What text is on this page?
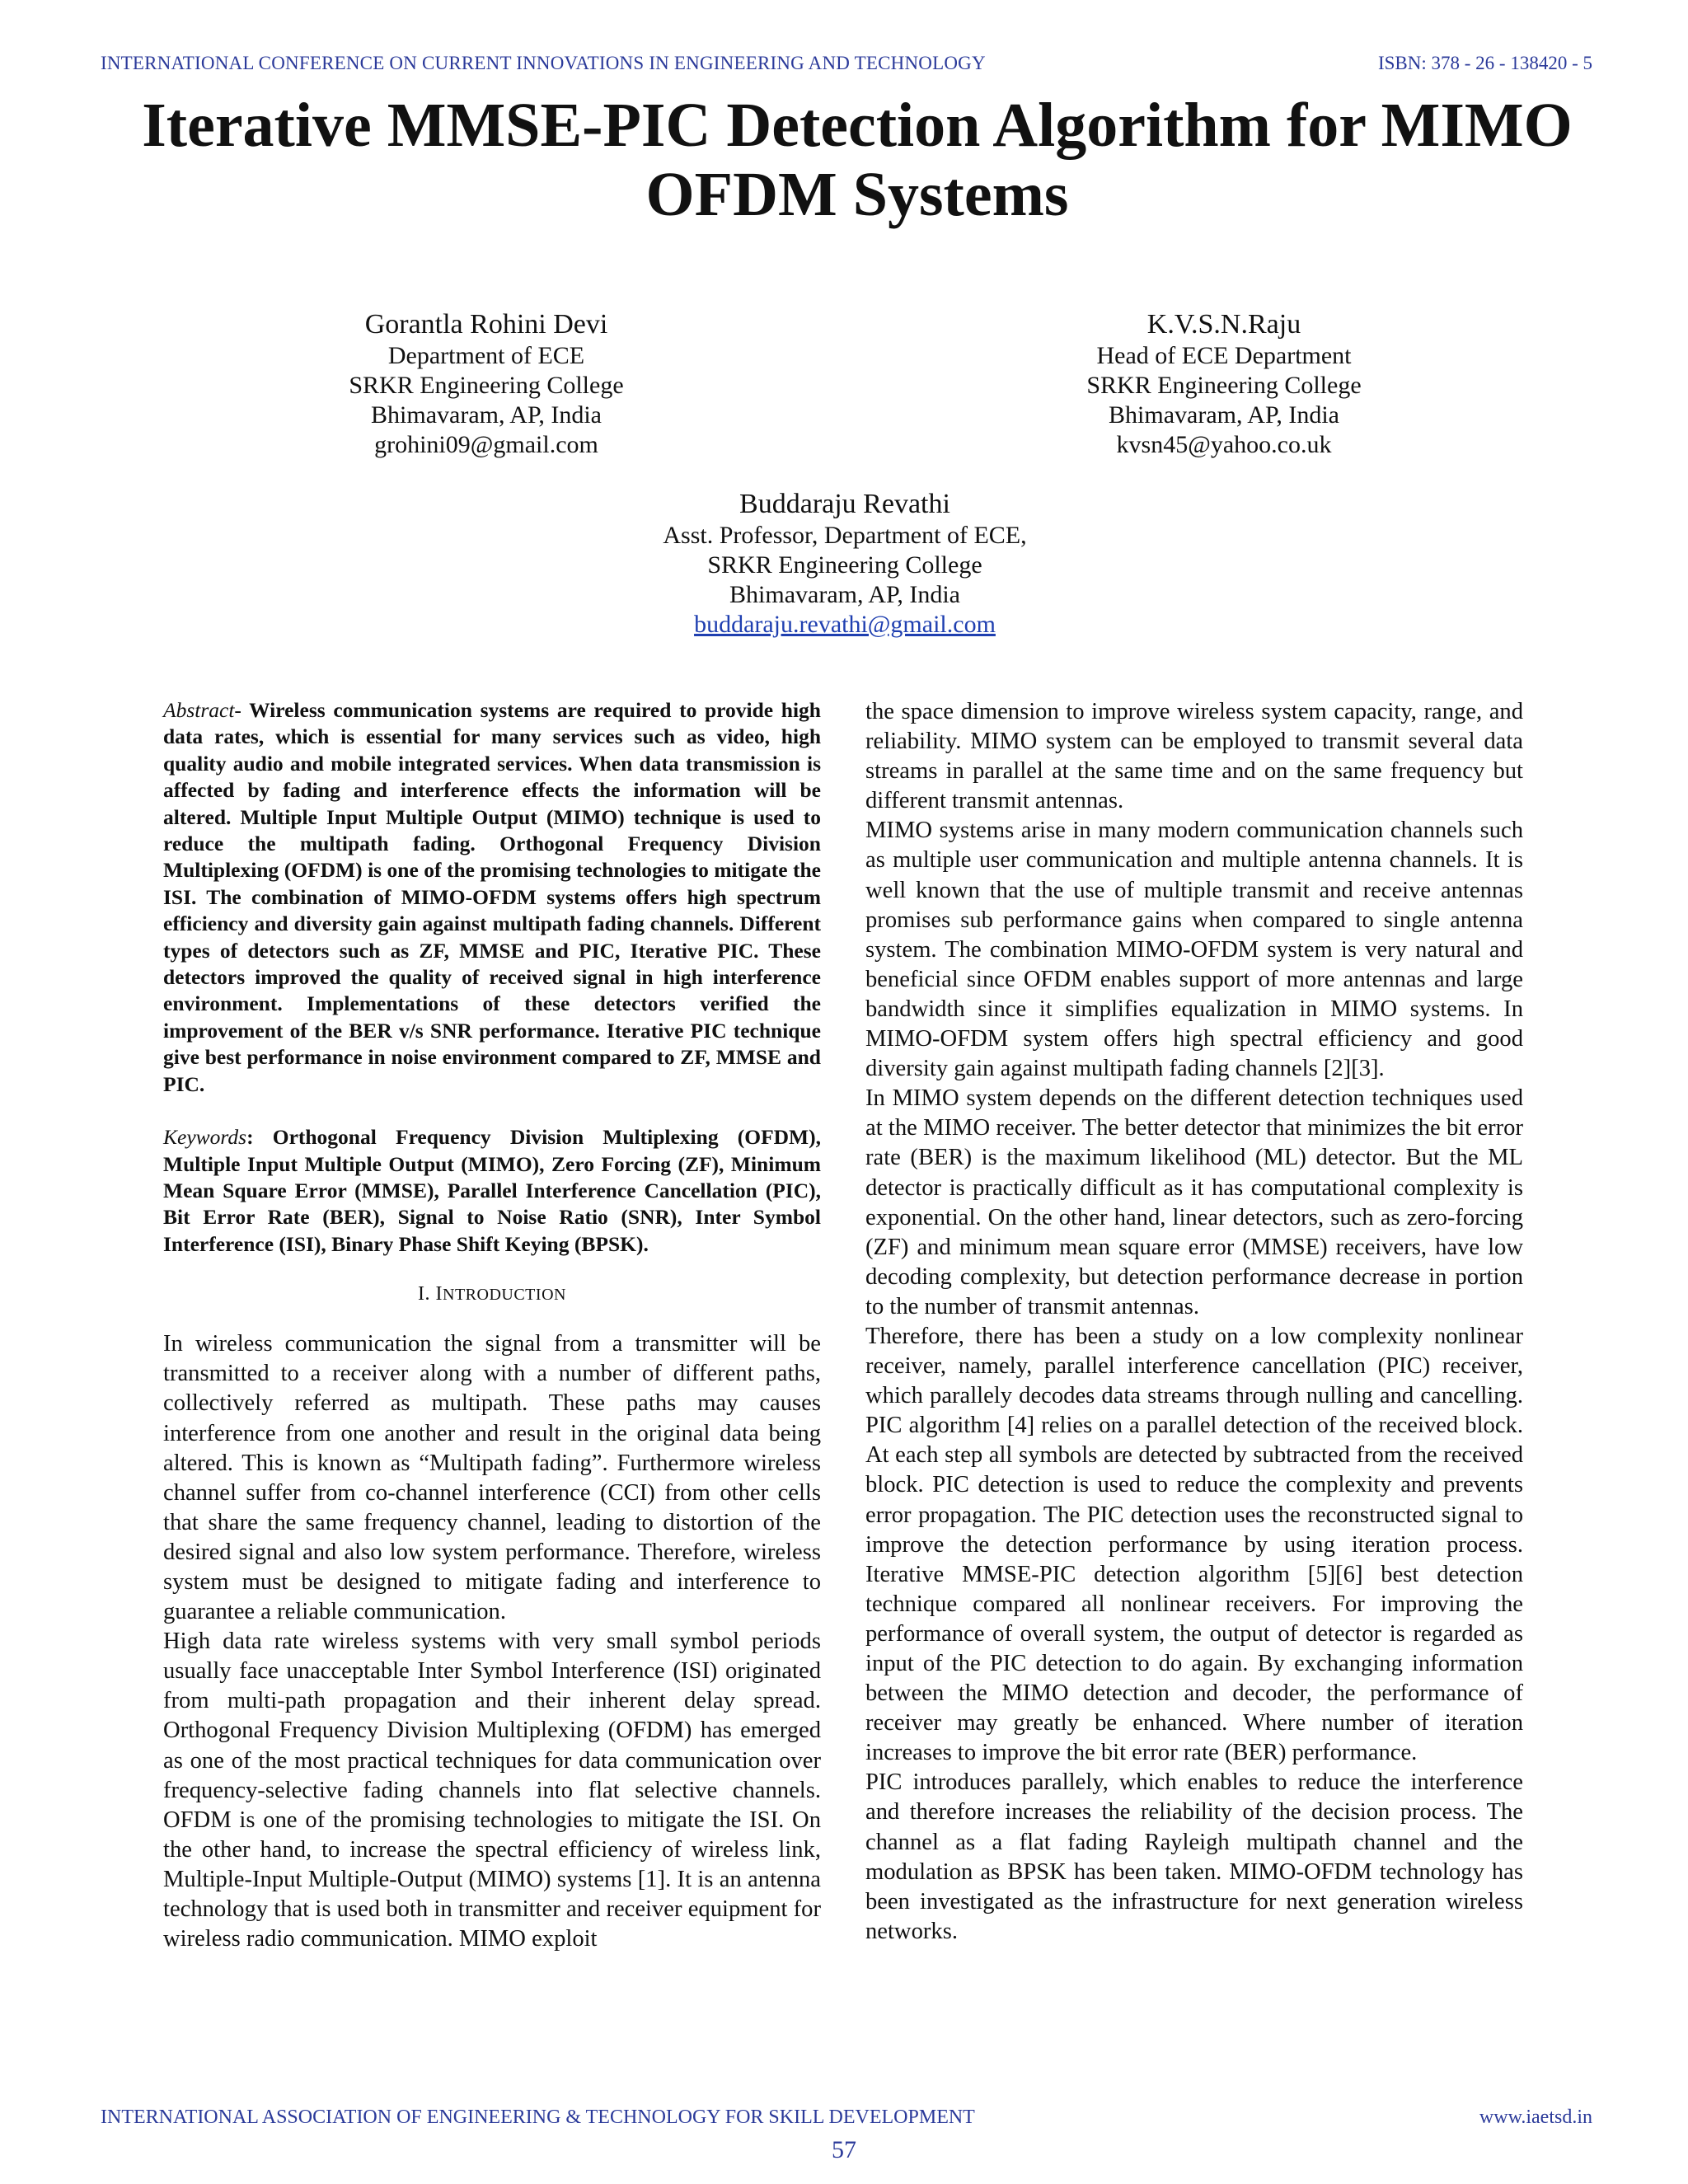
INTERNATIONAL CONFERENCE ON CURRENT INNOVATIONS IN ENGINEERING AND TECHNOLOGY	ISBN: 378 - 26 - 138420 - 5
Iterative MMSE-PIC Detection Algorithm for MIMO OFDM Systems
Gorantla Rohini Devi
Department of ECE
SRKR Engineering College
Bhimavaram, AP, India
grohini09@gmail.com
K.V.S.N.Raju
Head of ECE Department
SRKR Engineering College
Bhimavaram, AP, India
kvsn45@yahoo.co.uk
Buddaraju Revathi
Asst. Professor, Department of ECE,
SRKR Engineering College
Bhimavaram, AP, India
buddaraju.revathi@gmail.com

Abstract- Wireless communication systems are required to provide high data rates, which is essential for many services such as video, high quality audio and mobile integrated services. When data transmission is affected by fading and interference effects the information will be altered. Multiple Input Multiple Output (MIMO) technique is used to reduce the multipath fading. Orthogonal Frequency Division Multiplexing (OFDM) is one of the promising technologies to mitigate the ISI. The combination of MIMO-OFDM systems offers high spectrum efficiency and diversity gain against multipath fading channels. Different types of detectors such as ZF, MMSE and PIC, Iterative PIC. These detectors improved the quality of received signal in high interference environment. Implementations of these detectors verified the improvement of the BER v/s SNR performance. Iterative PIC technique give best performance in noise environment compared to ZF, MMSE and PIC.

Keywords: Orthogonal Frequency Division Multiplexing (OFDM), Multiple Input Multiple Output (MIMO), Zero Forcing (ZF), Minimum Mean Square Error (MMSE), Parallel Interference Cancellation (PIC), Bit Error Rate (BER), Signal to Noise Ratio (SNR), Inter Symbol Interference (ISI), Binary Phase Shift Keying (BPSK).

I. INTRODUCTION

In wireless communication the signal from a transmitter will be transmitted to a receiver along with a number of different paths, collectively referred as multipath. These paths may causes interference from one another and result in the original data being altered. This is known as “Multipath fading”. Furthermore wireless channel suffer from co-channel interference (CCI) from other cells that share the same frequency channel, leading to distortion of the desired signal and also low system performance. Therefore, wireless system must be designed to mitigate fading and interference to guarantee a reliable communication.

High data rate wireless systems with very small symbol periods usually face unacceptable Inter Symbol Interference (ISI) originated from multi-path propagation and their inherent delay spread. Orthogonal Frequency Division Multiplexing (OFDM) has emerged as one of the most practical techniques for data communication over frequency-selective fading channels into flat selective channels. OFDM is one of the promising technologies to mitigate the ISI. On the other hand, to increase the spectral efficiency of wireless link, Multiple-Input Multiple-Output (MIMO) systems [1]. It is an antenna technology that is used both in transmitter and receiver equipment for wireless radio communication. MIMO exploit

the space dimension to improve wireless system capacity, range, and reliability. MIMO system can be employed to transmit several data streams in parallel at the same time and on the same frequency but different transmit antennas.

MIMO systems arise in many modern communication channels such as multiple user communication and multiple antenna channels. It is well known that the use of multiple transmit and receive antennas promises sub performance gains when compared to single antenna system. The combination MIMO-OFDM system is very natural and beneficial since OFDM enables support of more antennas and large bandwidth since it simplifies equalization in MIMO systems. In MIMO-OFDM system offers high spectral efficiency and good diversity gain against multipath fading channels [2][3].

In MIMO system depends on the different detection techniques used at the MIMO receiver. The better detector that minimizes the bit error rate (BER) is the maximum likelihood (ML) detector. But the ML detector is practically difficult as it has computational complexity is exponential. On the other hand, linear detectors, such as zero-forcing (ZF) and minimum mean square error (MMSE) receivers, have low decoding complexity, but detection performance decrease in portion to the number of transmit antennas.

Therefore, there has been a study on a low complexity nonlinear receiver, namely, parallel interference cancellation (PIC) receiver, which parallely decodes data streams through nulling and cancelling. PIC algorithm [4] relies on a parallel detection of the received block. At each step all symbols are detected by subtracted from the received block. PIC detection is used to reduce the complexity and prevents error propagation. The PIC detection uses the reconstructed signal to improve the detection performance by using iteration process. Iterative MMSE-PIC detection algorithm [5][6] best detection technique compared all nonlinear receivers. For improving the performance of overall system, the output of detector is regarded as input of the PIC detection to do again. By exchanging information between the MIMO detection and decoder, the performance of receiver may greatly be enhanced. Where number of iteration increases to improve the bit error rate (BER) performance.

PIC introduces parallely, which enables to reduce the interference and therefore increases the reliability of the decision process. The channel as a flat fading Rayleigh multipath channel and the modulation as BPSK has been taken. MIMO-OFDM technology has been investigated as the infrastructure for next generation wireless networks.

INTERNATIONAL ASSOCIATION OF ENGINEERING & TECHNOLOGY FOR SKILL DEVELOPMENT	www.iaetsd.in
57
